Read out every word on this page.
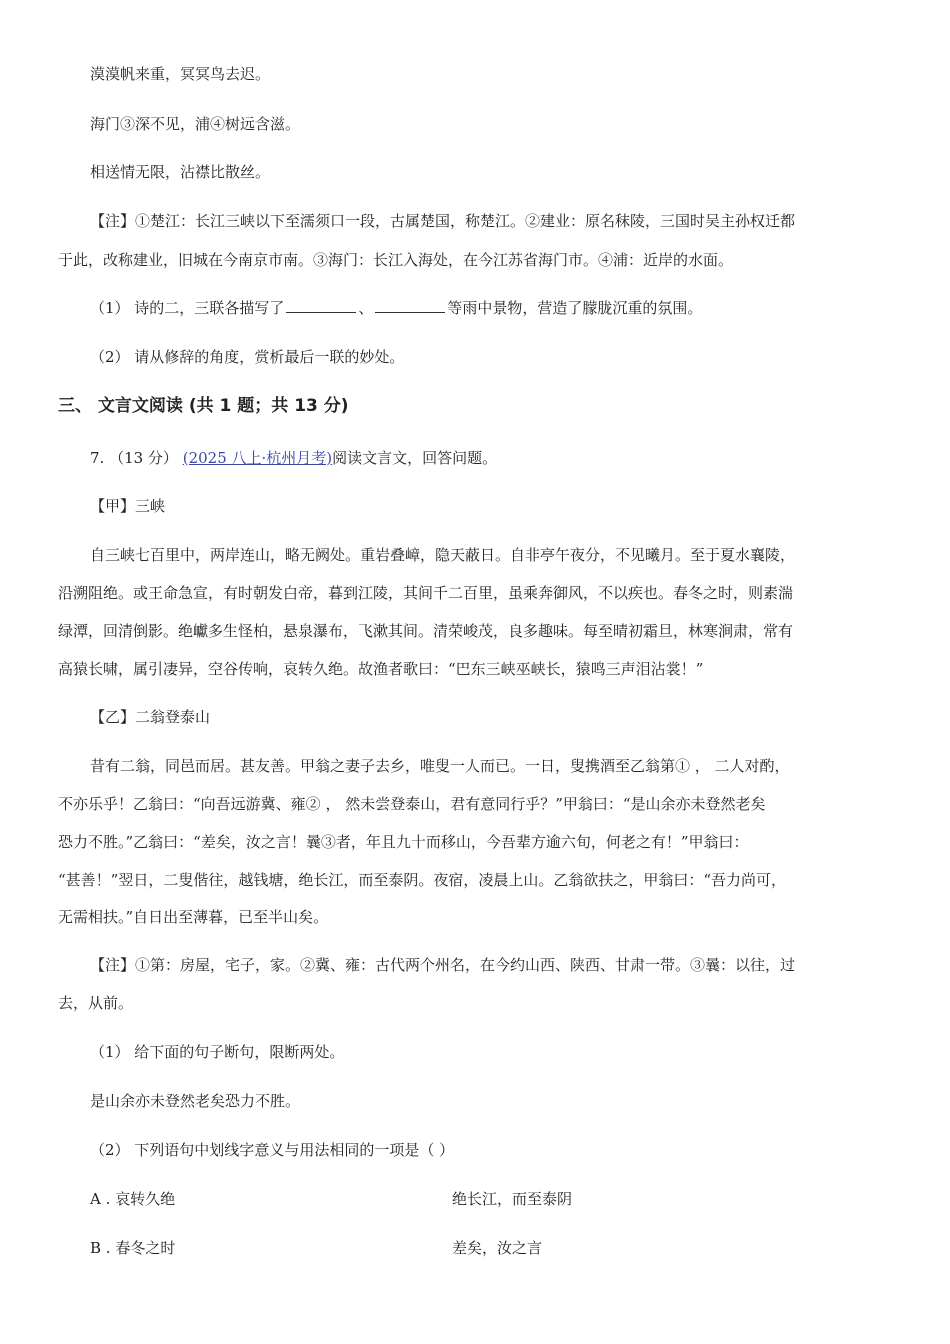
漠漠帆来重，冥冥鸟去迟。
海门③深不见，浦④树远含滋。
相送情无限，沾襟比散丝。
【注】①楚江：长江三峡以下至濡须口一段，古属楚国，称楚江。②建业：原名秣陵，三国时吴主孙权迁都
于此，改称建业，旧城在今南京市南。③海门：长江入海处，在今江苏省海门市。④浦：近岸的水面。
（1） 诗的二，三联各描写了	、	等雨中景物，营造了朦胧沉重的氛围。
（2） 请从修辞的角度，赏析最后一联的妙处。
三、 文言文阅读 (共 1 题；共 13 分)
7. （13 分） (2025 八上·杭州月考)阅读文言文，回答问题。
【甲】三峡
自三峡七百里中，两岸连山，略无阙处。重岩叠嶂，隐天蔽日。自非亭午夜分，不见曦月。至于夏水襄陵，
沿溯阻绝。或王命急宣，有时朝发白帝，暮到江陵，其间千二百里，虽乘奔御风，不以疾也。春冬之时，则素湍
绿潭，回清倒影。绝巘多生怪柏，悬泉瀑布，飞漱其间。清荣峻茂，良多趣味。每至晴初霜旦，林寒涧肃，常有
高猿长啸，属引凄异，空谷传响，哀转久绝。故渔者歌曰：“巴东三峡巫峡长，猿鸣三声泪沾裳！”
【乙】二翁登泰山
昔有二翁，同邑而居。甚友善。甲翁之妻子去乡，唯叟一人而已。一日，叟携酒至乙翁第① ， 二人对酌，
不亦乐乎！乙翁曰：“向吾远游冀、雍② ， 然未尝登泰山，君有意同行乎？”甲翁曰：“是山余亦未登然老矣
恐力不胜。”乙翁曰：“差矣，汝之言！曩③者，年且九十而移山，今吾辈方逾六旬，何老之有！”甲翁曰：
“甚善！”翌日，二叟偕往，越钱塘，绝长江，而至泰阴。夜宿，凌晨上山。乙翁欲扶之，甲翁曰：“吾力尚可，
无需相扶。”自日出至薄暮，已至半山矣。
【注】①第：房屋，宅子，家。②冀、雍：古代两个州名，在今约山西、陕西、甘肃一带。③曩：以往，过
去，从前。
（1） 给下面的句子断句，限断两处。
是山余亦未登然老矣恐力不胜。
（2） 下列语句中划线字意义与用法相同的一项是（ ）
A . 哀转久绝	绝长江，而至泰阴
B . 春冬之时	差矣，汝之言
